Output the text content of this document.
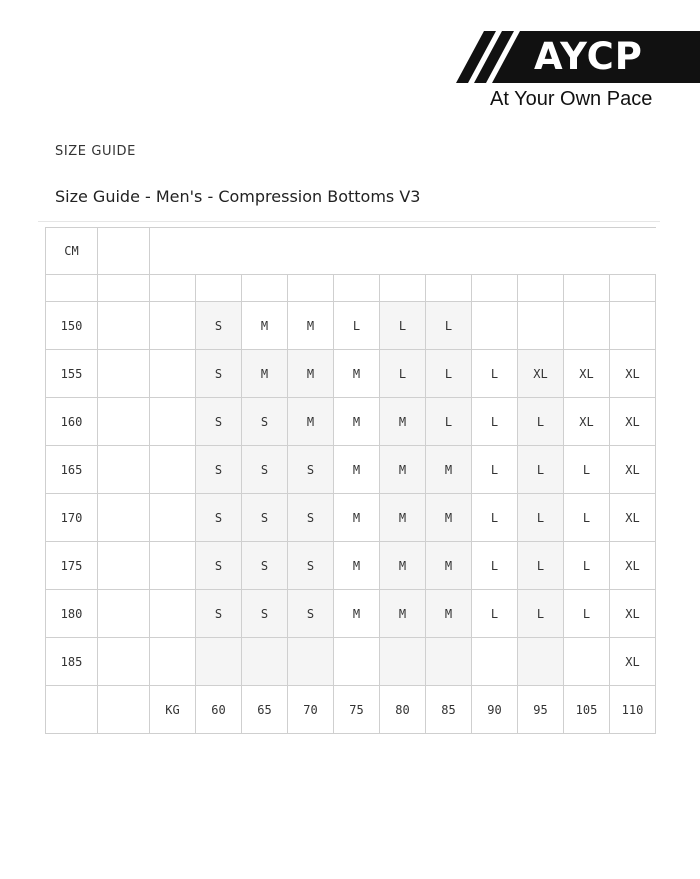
AYCP
At Your Own Pace
SIZE GUIDE
Size Guide - Men's - Compression Bottoms V3
CM												

150			S	M	M	L	L	L				
155			S	M	M	M	L	L	L	XL	XL	XL
160			S	S	M	M	M	L	L	L	XL	XL
165			S	S	S	M	M	M	L	L	L	XL
170			S	S	S	M	M	M	L	L	L	XL
175			S	S	S	M	M	M	L	L	L	XL
180			S	S	S	M	M	M	L	L	L	XL
185												XL
		KG	60	65	70	75	80	85	90	95	105	110
